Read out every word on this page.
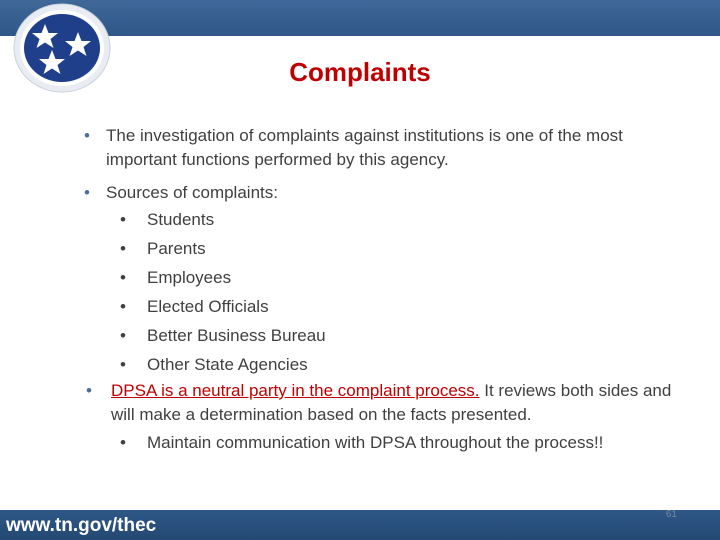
Complaints
• The investigation of complaints against institutions is one of the most important functions performed by this agency.
• Sources of complaints:
• Students
• Parents
• Employees
• Elected Officials
• Better Business Bureau
• Other State Agencies
• DPSA is a neutral party in the complaint process. It reviews both sides and will make a determination based on the facts presented.
• Maintain communication with DPSA throughout the process!!
www.tn.gov/thec
61
